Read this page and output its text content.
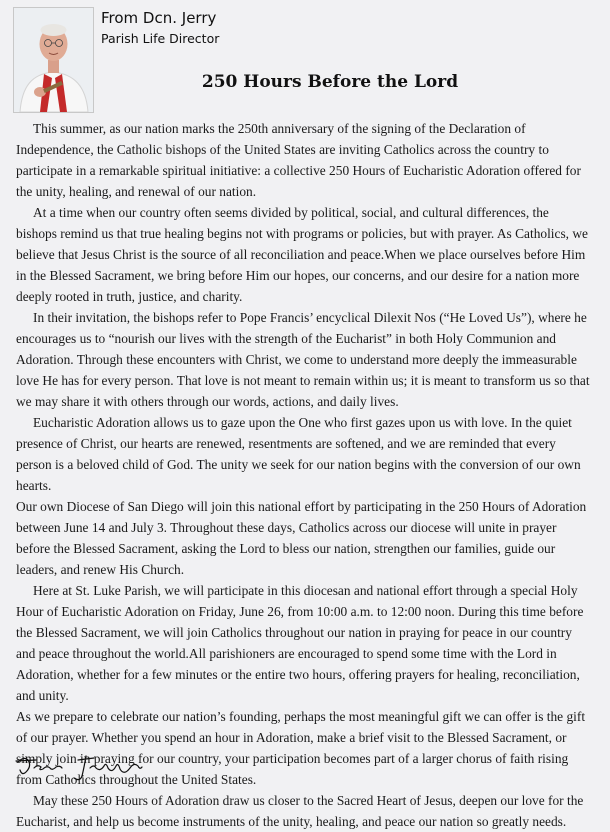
From Dcn. Jerry
Parish Life Director
250 Hours Before the Lord

This summer, as our nation marks the 250th anniversary of the signing of the Declaration of Independence, the Catholic bishops of the United States are inviting Catholics across the country to participate in a remarkable spiritual initiative: a collective 250 Hours of Eucharistic Adoration offered for the unity, healing, and renewal of our nation.

At a time when our country often seems divided by political, social, and cultural differences, the bishops remind us that true healing begins not with programs or policies, but with prayer. As Catholics, we believe that Jesus Christ is the source of all reconciliation and peace.When we place ourselves before Him in the Blessed Sacrament, we bring before Him our hopes, our concerns, and our desire for a nation more deeply rooted in truth, justice, and charity.

In their invitation, the bishops refer to Pope Francis’ encyclical Dilexit Nos (“He Loved Us”), where he encourages us to “nourish our lives with the strength of the Eucharist” in both Holy Communion and Adoration. Through these encounters with Christ, we come to understand more deeply the immeasurable love He has for every person. That love is not meant to remain within us; it is meant to transform us so that we may share it with others through our words, actions, and daily lives.

Eucharistic Adoration allows us to gaze upon the One who first gazes upon us with love. In the quiet presence of Christ, our hearts are renewed, resentments are softened, and we are reminded that every person is a beloved child of God. The unity we seek for our nation begins with the conversion of our own hearts.

Our own Diocese of San Diego will join this national effort by participating in the 250 Hours of Adoration between June 14 and July 3. Throughout these days, Catholics across our diocese will unite in prayer before the Blessed Sacrament, asking the Lord to bless our nation, strengthen our families, guide our leaders, and renew His Church.

Here at St. Luke Parish, we will participate in this diocesan and national effort through a special Holy Hour of Eucharistic Adoration on Friday, June 26, from 10:00 a.m. to 12:00 noon. During this time before the Blessed Sacrament, we will join Catholics throughout our nation in praying for peace in our country and peace throughout the world.All parishioners are encouraged to spend some time with the Lord in Adoration, whether for a few minutes or the entire two hours, offering prayers for healing, reconciliation, and unity.

As we prepare to celebrate our nation’s founding, perhaps the most meaningful gift we can offer is the gift of our prayer. Whether you spend an hour in Adoration, make a brief visit to the Blessed Sacrament, or simply join in praying for our country, your participation becomes part of a larger chorus of faith rising from Catholics throughout the United States.

May these 250 Hours of Adoration draw us closer to the Sacred Heart of Jesus, deepen our love for the Eucharist, and help us become instruments of the unity, healing, and peace our nation so greatly needs.
